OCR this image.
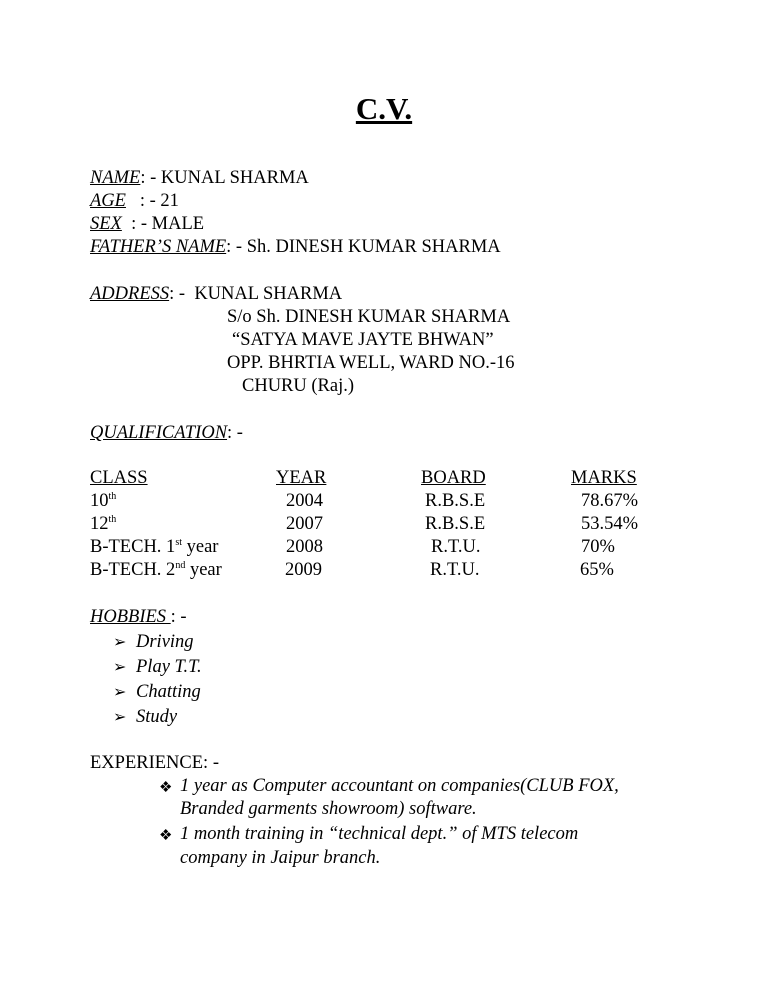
C.V.
NAME: - KUNAL SHARMA
AGE   : - 21
SEX  : - MALE
FATHER’S NAME: - Sh. DINESH KUMAR SHARMA
ADDRESS: - KUNAL SHARMA
S/o Sh. DINESH KUMAR SHARMA
“SATYA MAVE JAYTE BHWAN”
OPP. BHRTIA WELL, WARD NO.-16
CHURU (Raj.)
QUALIFICATION: -
CLASS	YEAR	BOARD	MARKS
10th	2004	R.B.S.E	78.67%
12th	2007	R.B.S.E	53.54%
B-TECH. 1st year	2008	R.T.U.	70%
B-TECH. 2nd year	2009	R.T.U.	65%
HOBBIES : -
➢ Driving
➢ Play T.T.
➢ Chatting
➢ Study
EXPERIENCE: -
❖ 1 year as Computer accountant on companies(CLUB FOX,
Branded garments showroom) software.
❖ 1 month training in “technical dept.” of MTS telecom
company in Jaipur branch.
